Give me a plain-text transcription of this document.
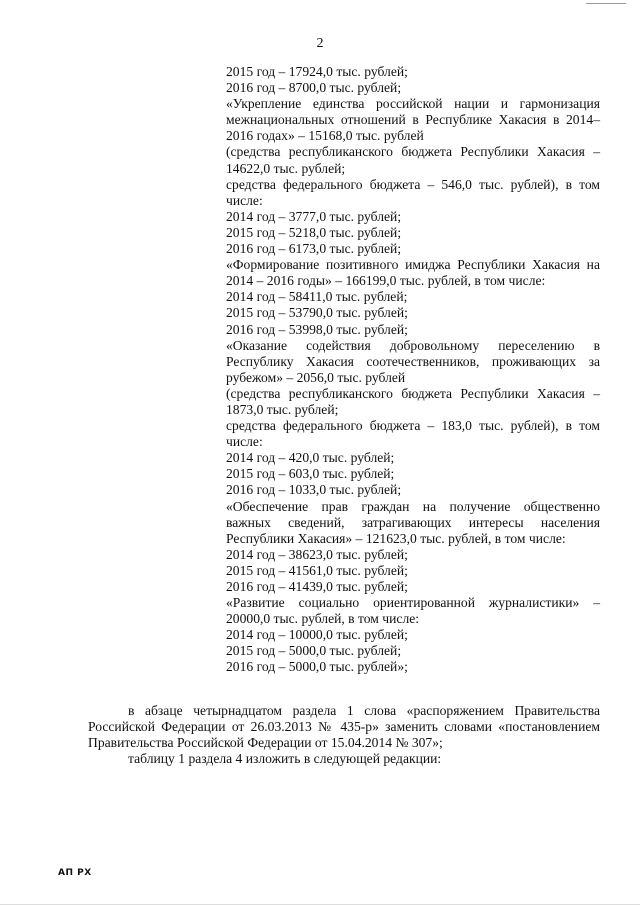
2

2015 год – 17924,0 тыс. рублей;

2016 год – 8700,0 тыс. рублей;

«Укрепление единства российской нации и гармонизация

межнациональных отношений в Республике Хакасия в 2014–

2016 годах» – 15168,0 тыс. рублей

(средства республиканского бюджета Республики Хакасия –

14622,0 тыс. рублей;

средства федерального бюджета – 546,0 тыс. рублей), в том

числе:

2014 год – 3777,0 тыс. рублей;

2015 год – 5218,0 тыс. рублей;

2016 год – 6173,0 тыс. рублей;

«Формирование позитивного имиджа Республики Хакасия на

2014 – 2016 годы» – 166199,0 тыс. рублей, в том числе:

2014 год – 58411,0 тыс. рублей;

2015 год – 53790,0 тыс. рублей;

2016 год – 53998,0 тыс. рублей;

«Оказание содействия добровольному переселению в

Республику Хакасия соотечественников, проживающих за

рубежом» – 2056,0 тыс. рублей

(средства республиканского бюджета Республики Хакасия –

1873,0 тыс. рублей;

средства федерального бюджета – 183,0 тыс. рублей), в том

числе:

2014 год – 420,0 тыс. рублей;

2015 год – 603,0 тыс. рублей;

2016 год – 1033,0 тыс. рублей;

«Обеспечение прав граждан на получение общественно

важных сведений, затрагивающих интересы населения

Республики Хакасия» – 121623,0 тыс. рублей, в том числе:

2014 год – 38623,0 тыс. рублей;

2015 год – 41561,0 тыс. рублей;

2016 год – 41439,0 тыс. рублей;

«Развитие социально ориентированной журналистики» –

20000,0 тыс. рублей, в том числе:

2014 год – 10000,0 тыс. рублей;

2015 год – 5000,0 тыс. рублей;

2016 год – 5000,0 тыс. рублей»;

в абзаце четырнадцатом раздела 1 слова «распоряжением Правительства

Российской Федерации от 26.03.2013 № 435-р» заменить словами «постановлением

Правительства Российской Федерации от 15.04.2014 № 307»;

таблицу 1 раздела 4 изложить в следующей редакции:

АП РХ
